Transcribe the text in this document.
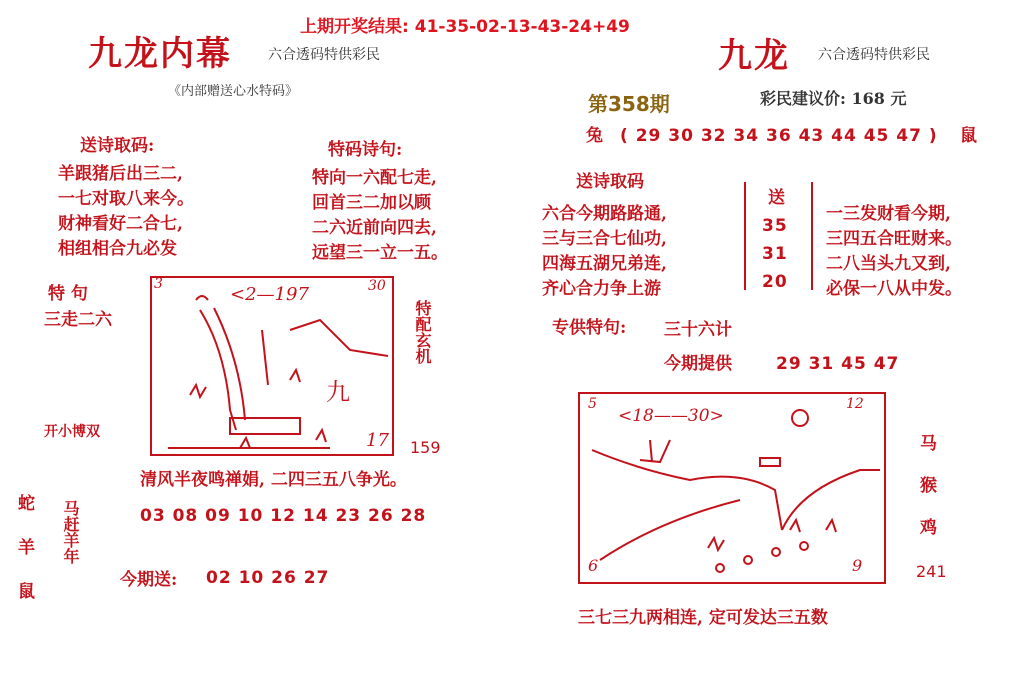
上期开奖结果: 41-35-02-13-43-24+49
九龙内幕	六合透码特供彩民
《内部赠送心水特码》
送诗取码:
羊跟猪后出三二,
一七对取八来今。
财神看好二合七,
相组相合九必发
特码诗句:
特向一六配七走,
回首三二加以顾
二六近前向四去,
远望三一立一五。
特 句
三走二六
开小博双
3	30
<2—197
九
17
特配玄机
159
清风半夜鸣禅娟, 二四三五八争光。
03 08 09 10 12 14 23 26 28
蛇
羊
鼠
马赶羊年
今期送: 02 10 26 27
九龙 六合透码特供彩民
第358期	彩民建议价: 168 元
兔 ( 29 30 32 34 36 43 44 45 47 ) 鼠
送诗取码
六合今期路路通,
三与三合七仙功,
四海五湖兄弟连,
齐心合力争上游
送
35
31
20
一三发财看今期,
三四五合旺财来。
二八当头九又到,
必保一八从中发。
专供特句: 三十六计
今期提供	29 31 45 47
5	12
6	9
<18——30>
马
猴
鸡
241
三七三九两相连, 定可发达三五数
